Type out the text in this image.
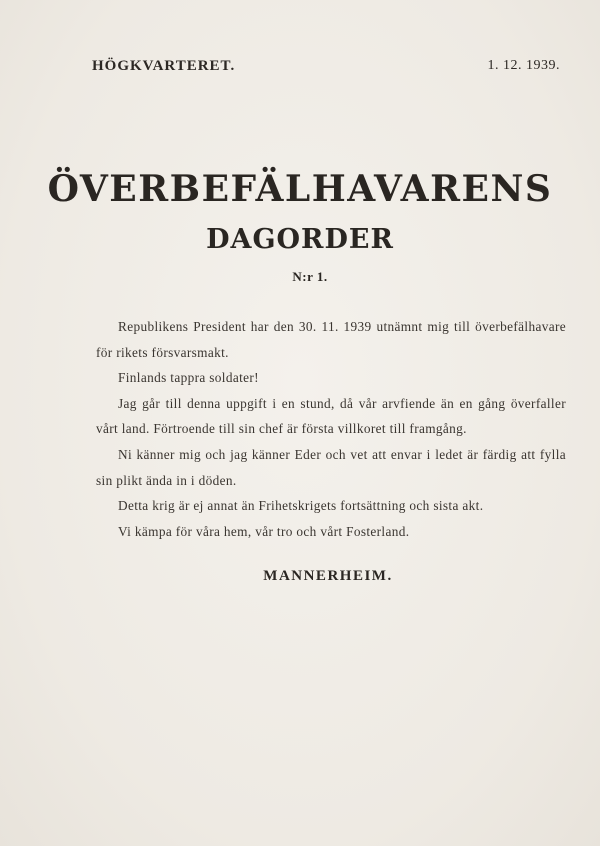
HÖGKVARTERET.	1. 12. 1939.
ÖVERBEFÄLHAVARENS
DAGORDER
N:r 1.

Republikens President har den 30. 11. 1939 utnämnt mig till överbefälhavare

för rikets försvarsmakt.

Finlands tappra soldater!

Jag går till denna uppgift i en stund, då vår arvfiende än en gång överfaller

vårt land. Förtroende till sin chef är första villkoret till framgång.

Ni känner mig och jag känner Eder och vet att envar i ledet är färdig att fylla

sin plikt ända in i döden.

Detta krig är ej annat än Frihetskrigets fortsättning och sista akt.

Vi kämpa för våra hem, vår tro och vårt Fosterland.

MANNERHEIM.
